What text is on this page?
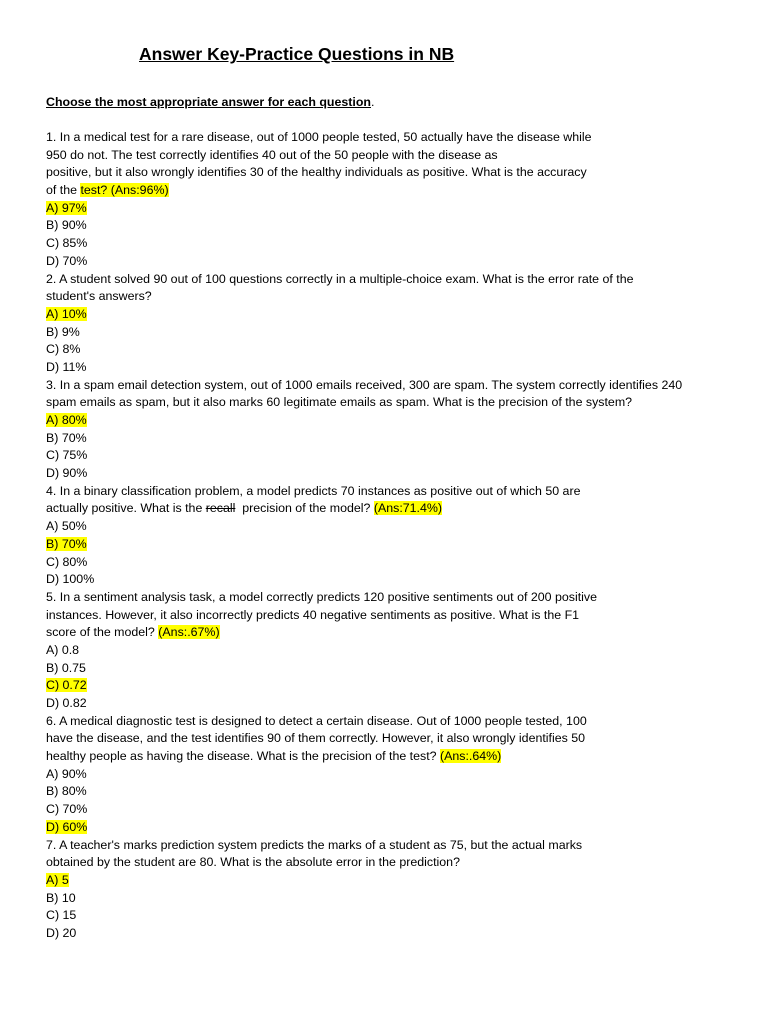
Answer Key-Practice Questions in NB
Choose the most appropriate answer for each question.
1. In a medical test for a rare disease, out of 1000 people tested, 50 actually have the disease while
950 do not. The test correctly identifies 40 out of the 50 people with the disease as
positive, but it also wrongly identifies 30 of the healthy individuals as positive. What is the accuracy
of the test? (Ans:96%)
A) 97%
B) 90%
C) 85%
D) 70%
2. A student solved 90 out of 100 questions correctly in a multiple-choice exam. What is the error rate of the
student's answers?
A) 10%
B) 9%
C) 8%
D) 11%
3. In a spam email detection system, out of 1000 emails received, 300 are spam. The system correctly identifies 240
spam emails as spam, but it also marks 60 legitimate emails as spam. What is the precision of the system?
A) 80%
B) 70%
C) 75%
D) 90%
4. In a binary classification problem, a model predicts 70 instances as positive out of which 50 are
actually positive. What is the recall  precision of the model? (Ans:71.4%)
A) 50%
B) 70%
C) 80%
D) 100%
5. In a sentiment analysis task, a model correctly predicts 120 positive sentiments out of 200 positive
instances. However, it also incorrectly predicts 40 negative sentiments as positive. What is the F1
score of the model? (Ans:.67%)
A) 0.8
B) 0.75
C) 0.72
D) 0.82
6. A medical diagnostic test is designed to detect a certain disease. Out of 1000 people tested, 100
have the disease, and the test identifies 90 of them correctly. However, it also wrongly identifies 50
healthy people as having the disease. What is the precision of the test? (Ans:.64%)
A) 90%
B) 80%
C) 70%
D) 60%
7. A teacher's marks prediction system predicts the marks of a student as 75, but the actual marks
obtained by the student are 80. What is the absolute error in the prediction?
A) 5
B) 10
C) 15
D) 20
